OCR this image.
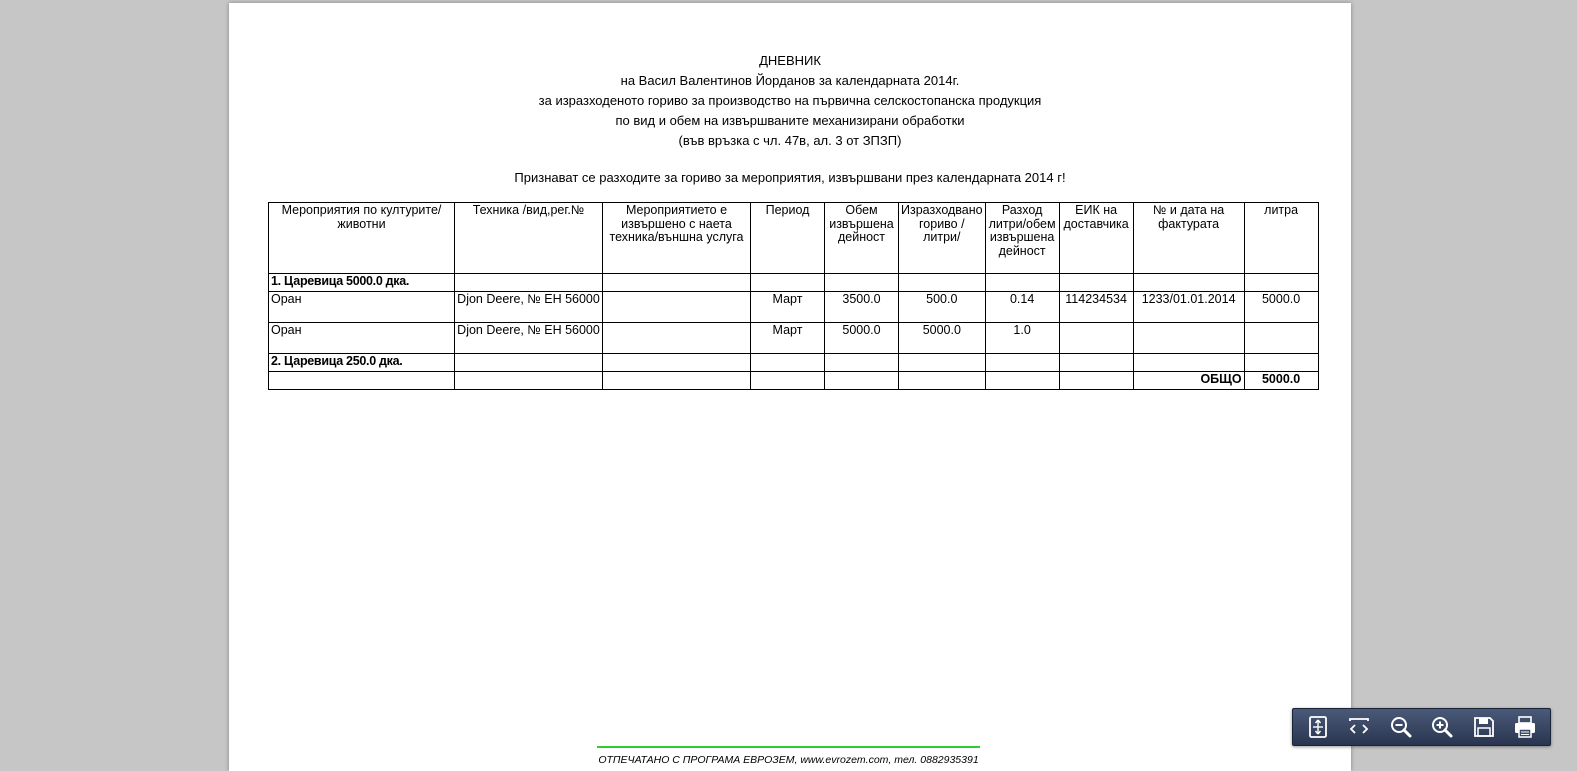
ДНЕВНИК
на Васил Валентинов Йорданов за календарната 2014г.
за изразходеното гориво за производство на първична селскостопанска продукция
по вид и обем на извършваните механизирани обработки
(във връзка с чл. 47в, ал. 3 от ЗПЗП)
Признават се разходите за гориво за мероприятия, извършвани през календарната 2014 г!
Мероприятия по културите/животни	Техника /вид,рег.№	Мероприятието е извършено с наета техника/външна услуга	Период	Обем извършена дейност	Изразходвано гориво /литри/	Разход литри/обем извършена дейност	ЕИК на доставчика	№ и дата на фактурата	литра
1. Царевица 5000.0 дка.									
Оран	Djon Deere, № ЕН 56000		Март	3500.0	500.0	0.14	114234534	1233/01.01.2014	5000.0
Оран	Djon Deere, № ЕН 56000		Март	5000.0	5000.0	1.0			
2. Царевица 250.0 дка.									
								ОБЩО	5000.0
ОТПЕЧАТАНО С ПРОГРАМА ЕВРОЗЕМ, www.evrozem.com, тел. 0882935391
